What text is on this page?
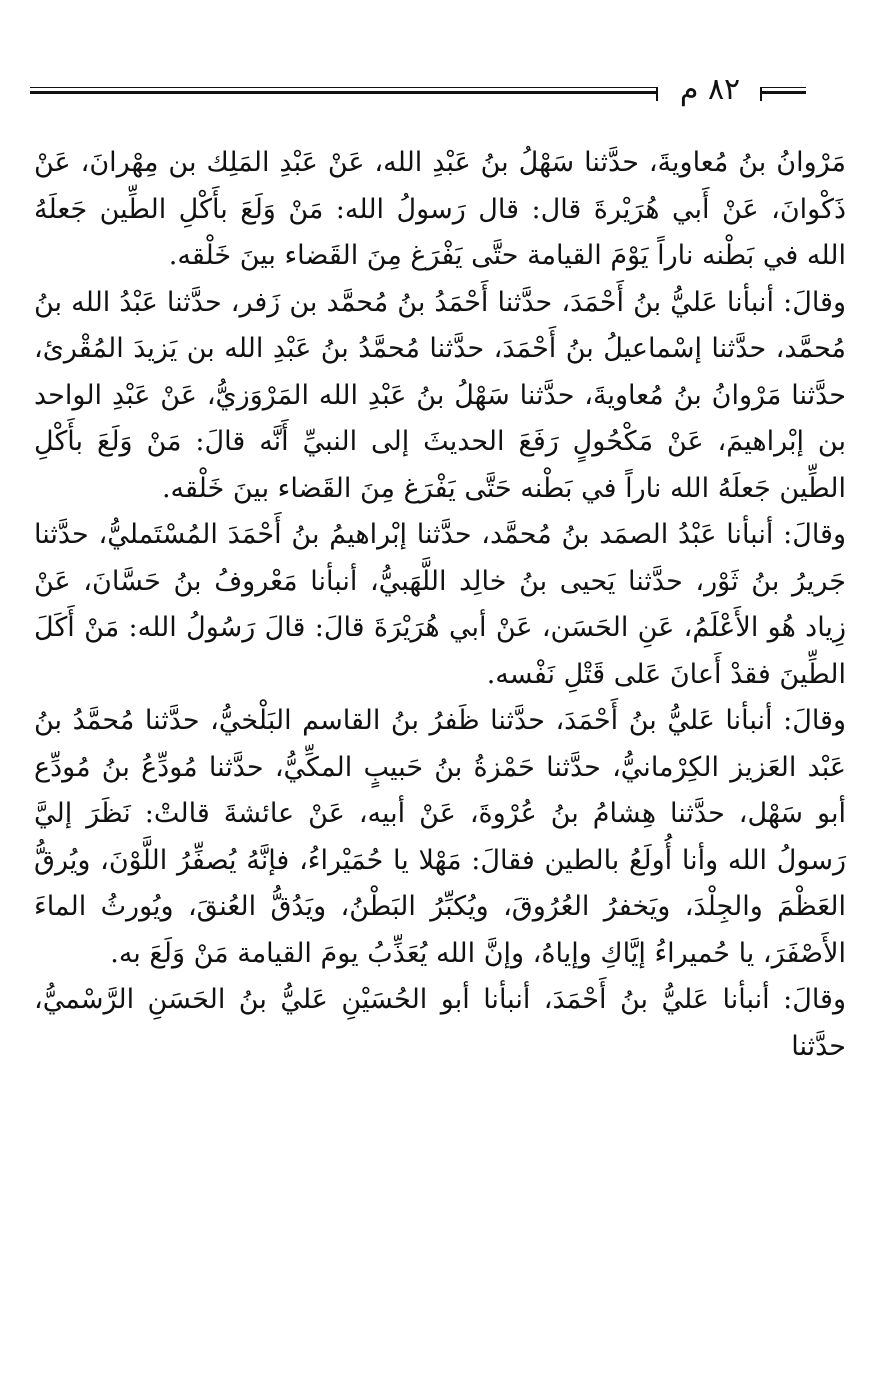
٨٢ م

مَرْوانُ بنُ مُعاويةَ، حدَّثنا سَهْلُ بنُ عَبْدِ الله، عَنْ عَبْدِ المَلِك بن مِهْرانَ، عَنْ ذَكْوانَ، عَنْ أَبي هُرَيْرةَ قال: قال رَسولُ الله: مَنْ وَلَعَ بأَكْلِ الطِّين جَعلَهُ الله في بَطْنه ناراً يَوْمَ القيامة حتَّى يَفْرَغ مِنَ القَضاء بينَ خَلْقه.

وقالَ: أنبأنا عَليُّ بنُ أَحْمَدَ، حدَّثنا أَحْمَدُ بنُ مُحمَّد بن زَفر، حدَّثنا عَبْدُ الله بنُ مُحمَّد، حدَّثنا إسْماعيلُ بنُ أَحْمَدَ، حدَّثنا مُحمَّدُ بنُ عَبْدِ الله بن يَزيدَ المُقْرئ، حدَّثنا مَرْوانُ بنُ مُعاويةَ، حدَّثنا سَهْلُ بنُ عَبْدِ الله المَرْوَزيُّ، عَنْ عَبْدِ الواحد بن إبْراهيمَ، عَنْ مَكْحُولٍ رَفَعَ الحديثَ إلى النبيِّ أَنَّه قالَ: مَنْ وَلَعَ بأَكْلِ الطِّين جَعلَهُ الله ناراً في بَطْنه حَتَّى يَفْرَغ مِنَ القَضاء بينَ خَلْقه.

وقالَ: أنبأنا عَبْدُ الصمَد بنُ مُحمَّد، حدَّثنا إبْراهيمُ بنُ أَحْمَدَ المُسْتَمليُّ، حدَّثنا جَريرُ بنُ ثَوْر، حدَّثنا يَحيى بنُ خالِد اللَّهَبيُّ، أنبأنا مَعْروفُ بنُ حَسَّانَ، عَنْ زِياد هُو الأَعْلَمُ، عَنِ الحَسَن، عَنْ أبي هُرَيْرَةَ قالَ: قالَ رَسُولُ الله: مَنْ أَكَلَ الطِّينَ فقدْ أَعانَ عَلى قَتْلِ نَفْسه.

وقالَ: أنبأنا عَليُّ بنُ أَحْمَدَ، حدَّثنا ظَفرُ بنُ القاسم البَلْخيُّ، حدَّثنا مُحمَّدُ بنُ عَبْد العَزيز الكِرْمانيُّ، حدَّثنا حَمْزةُ بنُ حَبيبٍ المكِّيُّ، حدَّثنا مُودِّعُ بنُ مُودِّع أبو سَهْل، حدَّثنا هِشامُ بنُ عُرْوةَ، عَنْ أبيه، عَنْ عائشةَ قالتْ: نَظَرَ إليَّ رَسولُ الله وأنا أُولَعُ بالطين فقالَ: مَهْلا يا حُمَيْراءُ، فإنَّهُ يُصفِّرُ اللَّوْنَ، ويُرقُّ العَظْمَ والجِلْدَ، ويَخفرُ العُرُوقَ، ويُكبِّرُ البَطْنُ، ويَدُقُّ العُنقَ، ويُورثُ الماءَ الأَصْفَرَ، يا حُميراءُ إيَّاكِ وإياهُ، وإنَّ الله يُعَذِّبُ يومَ القيامة مَنْ وَلَعَ به.

وقالَ: أنبأنا عَليُّ بنُ أَحْمَدَ، أنبأنا أبو الحُسَيْنِ عَليُّ بنُ الحَسَنِ الرَّسْميُّ، حدَّثنا
